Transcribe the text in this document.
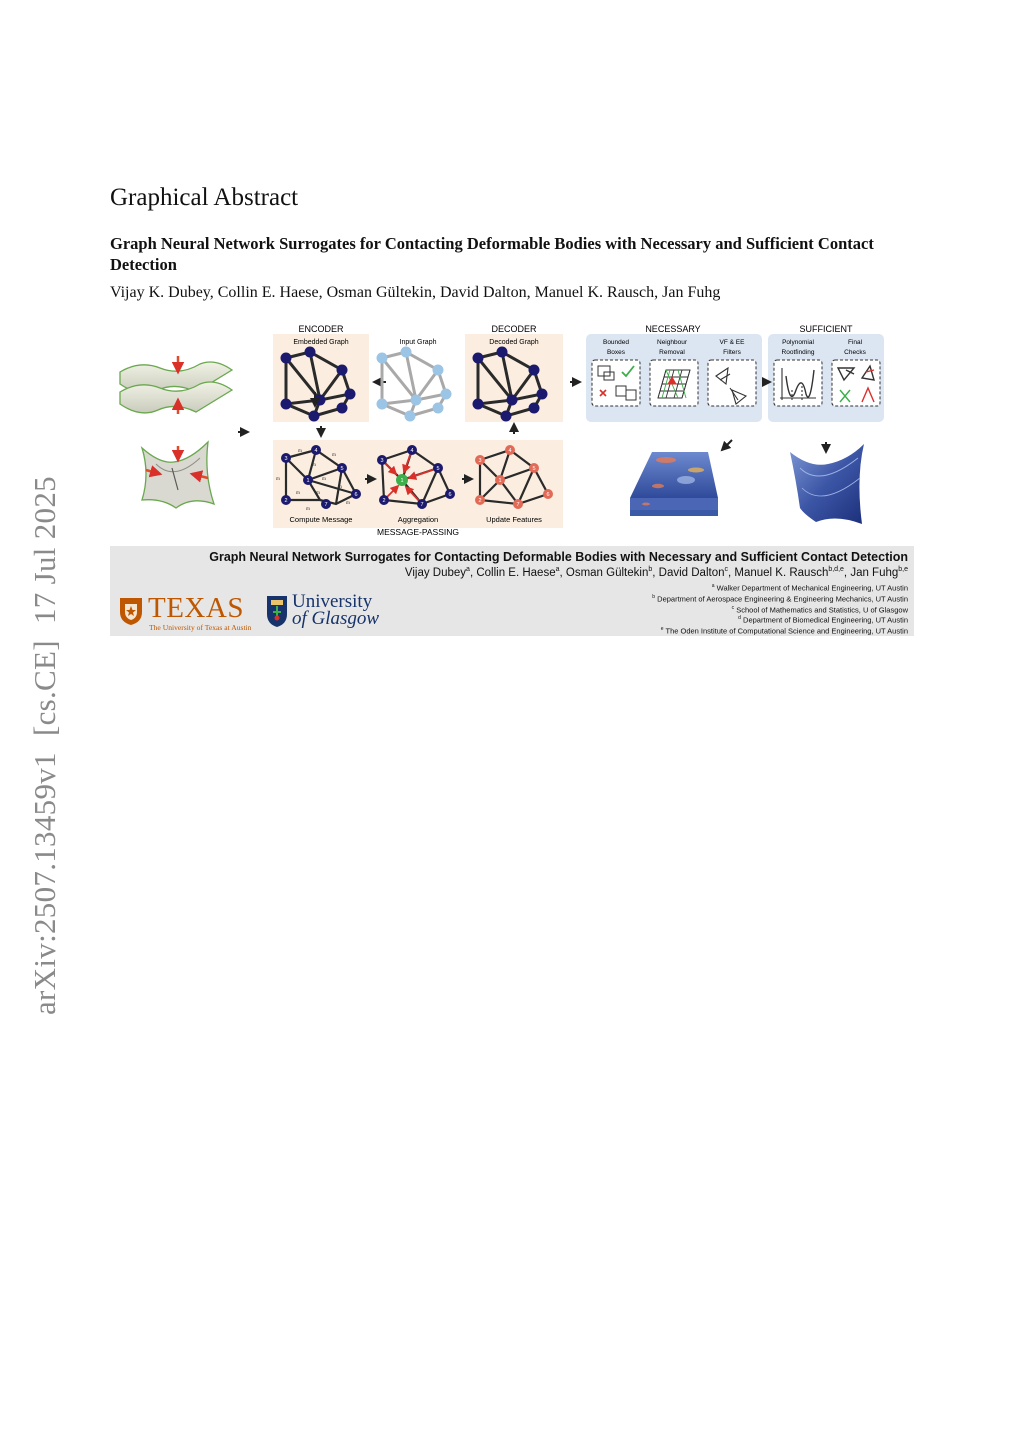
arXiv:2507.13459v1  [cs.CE]  17 Jul 2025
Graphical Abstract
Graph Neural Network Surrogates for Contacting Deformable Bodies with Necessary and Sufficient Contact Detection

Vijay K. Dubey, Collin E. Haese, Osman Gültekin, David Dalton, Manuel K. Rausch, Jan Fuhg

ENCODER
Embedded Graph	Input Graph
DECODER
Decoded Graph
3
4
5
1
6
2
7
m
m
m
m	m
m
m	m
m
m
3
4
5
1
6
2
7
3
4
5
1
6
2
7
Compute Message	Aggregation	Update Features
MESSAGE-PASSING
NECESSARY	SUFFICIENT
Bounded
Boxes
Neighbour
Removal
VF & EE
Filters
Polynomial
Rootfinding
Final
Checks
Graph Neural Network Surrogates for Contacting Deformable Bodies with Necessary and Sufficient Contact Detection
Vijay Dubey$^a$, Collin E. Haese$^a$, Osman Gültekin$^b$, David Dalton$^c$, Manuel K. Rausch$^{b,d,e}$, Jan Fuhg$^{b,e}$
$^a$ Walker Department of Mechanical Engineering, UT Austin
$^b$ Department of Aerospace Engineering & Engineering Mechanics, UT Austin
$^c$ School of Mathematics and Statistics, U of Glasgow
$^d$ Department of Biomedical Engineering, UT Austin
$^e$ The Oden Institute of Computational Science and Engineering, UT Austin
TEXAS
The University of Texas at Austin
University
of Glasgow
